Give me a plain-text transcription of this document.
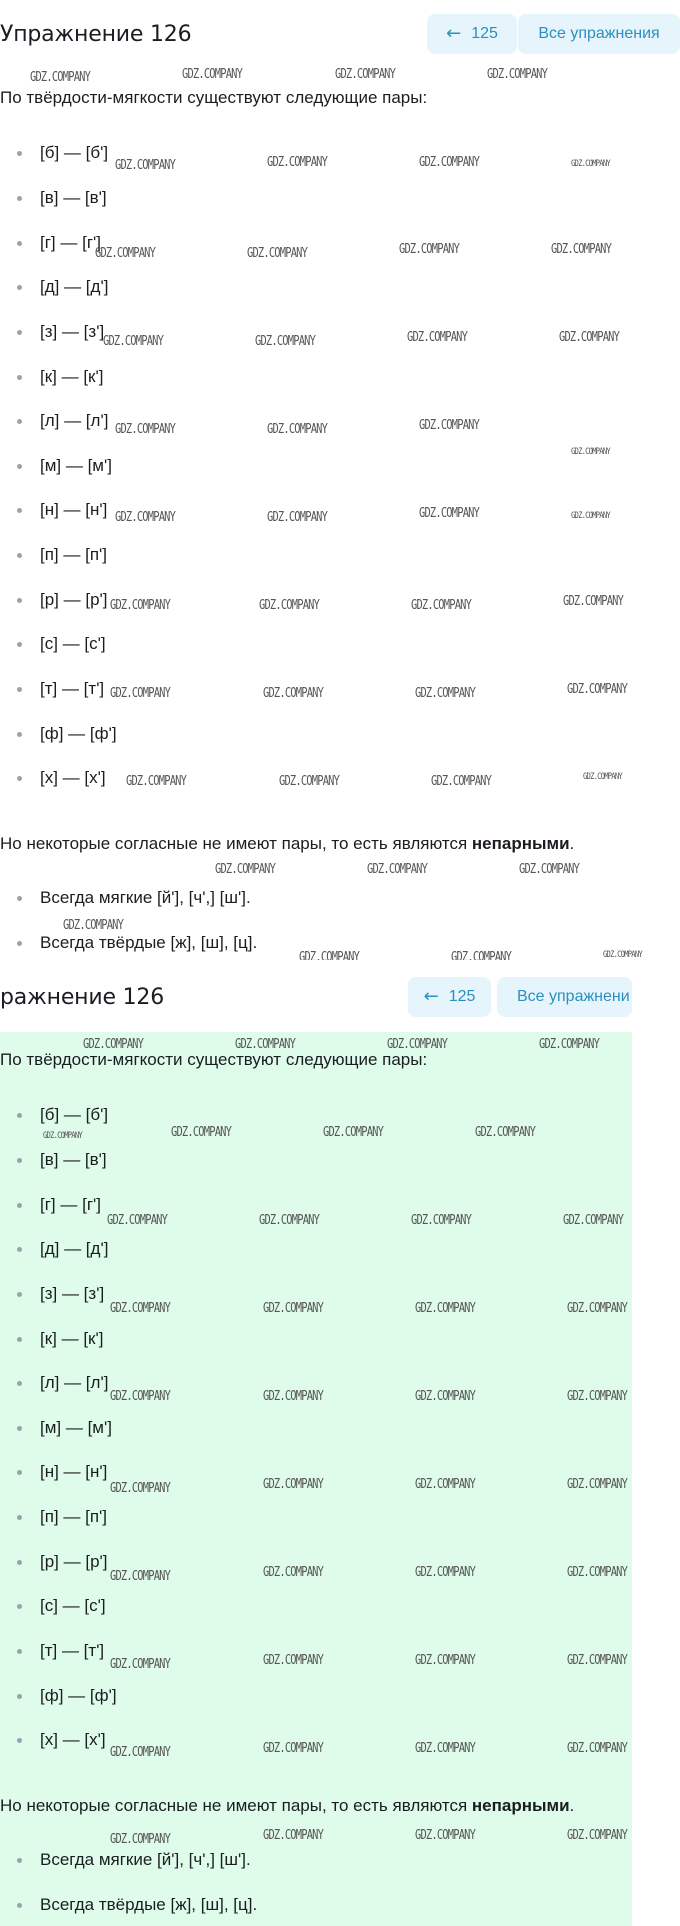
Упражнение 126	← 125	Все упражнения
По твёрдости-мягкости существуют следующие пары:
[б] — [б']
[в] — [в']
[г] — [г']
[д] — [д']
[з] — [з']
[к] — [к']
[л] — [л']
[м] — [м']
[н] — [н']
[п] — [п']
[р] — [р']
[с] — [с']
[т] — [т']
[ф] — [ф']
[х] — [х']
Но некоторые согласные не имеют пары, то есть являются непарными.
Всегда мягкие [й'], [ч',] [ш'].
Всегда твёрдые [ж], [ш], [ц].
GDZ.COMPANY	GDZ.COMPANY	GDZ.COMPANY	GDZ.COMPANY
GDZ.COMPANY	GDZ.COMPANY	GDZ.COMPANY	GDZ.COMPANY
GDZ.COMPANY	GDZ.COMPANY	GDZ.COMPANY	GDZ.COMPANY
GDZ.COMPANY	GDZ.COMPANY	GDZ.COMPANY	GDZ.COMPANY
GDZ.COMPANY	GDZ.COMPANY	GDZ.COMPANY
GDZ.COMPANY
GDZ.COMPANY	GDZ.COMPANY	GDZ.COMPANY	GDZ.COMPANY
GDZ.COMPANY	GDZ.COMPANY	GDZ.COMPANY	GDZ.COMPANY
GDZ.COMPANY	GDZ.COMPANY	GDZ.COMPANY	GDZ.COMPANY
GDZ.COMPANY	GDZ.COMPANY	GDZ.COMPANY	GDZ.COMPANY
GDZ.COMPANY	GDZ.COMPANY	GDZ.COMPANY
GDZ.COMPANY
GDZ.COMPANY	GDZ.COMPANY	GDZ.COMPANY
ражнение 126	← 125	Все упражнени
По твёрдости-мягкости существуют следующие пары:
[б] — [б']
[в] — [в']
[г] — [г']
[д] — [д']
[з] — [з']
[к] — [к']
[л] — [л']
[м] — [м']
[н] — [н']
[п] — [п']
[р] — [р']
[с] — [с']
[т] — [т']
[ф] — [ф']
[х] — [х']
Но некоторые согласные не имеют пары, то есть являются непарными.
Всегда мягкие [й'], [ч',] [ш'].
Всегда твёрдые [ж], [ш], [ц].
GDZ.COMPANY	GDZ.COMPANY	GDZ.COMPANY	GDZ.COMPANY
GDZ.COMPANY	GDZ.COMPANY	GDZ.COMPANY	GDZ.COMPANY
GDZ.COMPANY	GDZ.COMPANY	GDZ.COMPANY	GDZ.COMPANY
GDZ.COMPANY	GDZ.COMPANY	GDZ.COMPANY	GDZ.COMPANY
GDZ.COMPANY	GDZ.COMPANY	GDZ.COMPANY	GDZ.COMPANY
GDZ.COMPANY	GDZ.COMPANY	GDZ.COMPANY	GDZ.COMPANY
GDZ.COMPANY	GDZ.COMPANY	GDZ.COMPANY	GDZ.COMPANY
GDZ.COMPANY	GDZ.COMPANY	GDZ.COMPANY	GDZ.COMPANY
GDZ.COMPANY	GDZ.COMPANY	GDZ.COMPANY	GDZ.COMPANY
GDZ.COMPANY	GDZ.COMPANY	GDZ.COMPANY	GDZ.COMPANY
